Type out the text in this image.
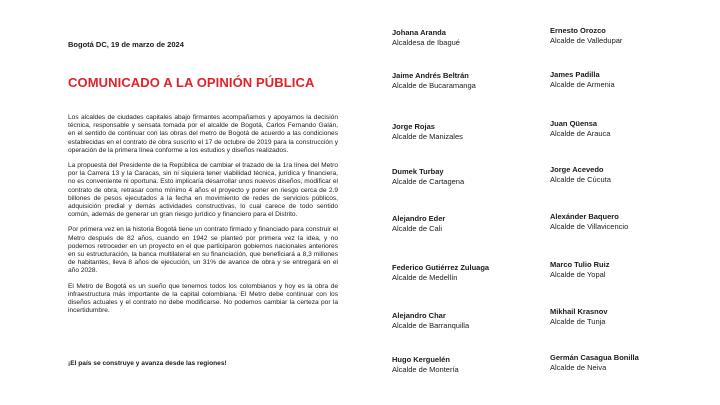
Bogotá DC, 19 de marzo de 2024
COMUNICADO A LA OPINIÓN PÚBLICA

Los alcaldes de ciudades capitales abajo firmantes acompañamos y apoyamos la decisión técnica, responsable y sensata tomada por el alcalde de Bogotá, Carlos Fernando Galán, en el sentido de continuar con las obras del metro de Bogotá de acuerdo a las condiciones establecidas en el contrato de obra suscrito el 17 de octubre de 2019 para la construcción y operación de la primera línea conforme a los estudios y diseños realizados.

La propuesta del Presidente de la República de cambiar el trazado de la 1ra línea del Metro por la Carrera 13 y la Caracas, sin ni siquiera tener viabilidad técnica, jurídica y financiera, no es conveniente ni oportuna. Esto implicaría desarrollar unos nuevos diseños, modificar el contrato de obra, retrasar como mínimo 4 años el proyecto y poner en riesgo cerca de 2.9 billones de pesos ejecutados a la fecha en movimiento de redes de servicios públicos, adquisición predial y demás actividades constructivas, lo cual carece de todo sentido común, además de generar un gran riesgo jurídico y financiero para el Distrito.

Por primera vez en la historia Bogotá tiene un contrato firmado y financiado para construir el Metro después de 82 años, cuando en 1942 se planteó por primera vez la idea, y no podemos retroceder en un proyecto en el que participaron gobiernos nacionales anteriores en su estructuración, la banca multilateral en su financiación, que beneficiará a 8,3 millones de habitantes, lleva 8 años de ejecución, un 31% de avance de obra y se entregará en el año 2028.

El Metro de Bogotá es un sueño que tenemos todos los colombianos y hoy es la obra de infraestructura más importante de la capital colombiana. El Metro debe continuar con los diseños actuales y el contrato no debe modificarse. No podemos cambiar la certeza por la incertidumbre.

¡El país se construye y avanza desde las regiones!
Johana Aranda
Alcaldesa de Ibagué
Ernesto Orozco
Alcalde de Valledupar
Jaime Andrés Beltrán
Alcalde de Bucaramanga
James Padilla
Alcalde de Armenia
Jorge Rojas
Alcalde de Manizales
Juan Qüensa
Alcalde de Arauca
Dumek Turbay
Alcalde de Cartagena
Jorge Acevedo
Alcalde de Cúcuta
Alejandro Eder
Alcalde de Cali
Alexánder Baquero
Alcalde de Villavicencio
Federico Gutiérrez Zuluaga
Alcalde de Medellín
Marco Tulio Ruiz
Alcalde de Yopal
Alejandro Char
Alcalde de Barranquilla
Mikhail Krasnov
Alcalde de Tunja
Hugo Kerguelén
Alcalde de Montería
Germán Casagua Bonilla
Alcalde de Neiva
